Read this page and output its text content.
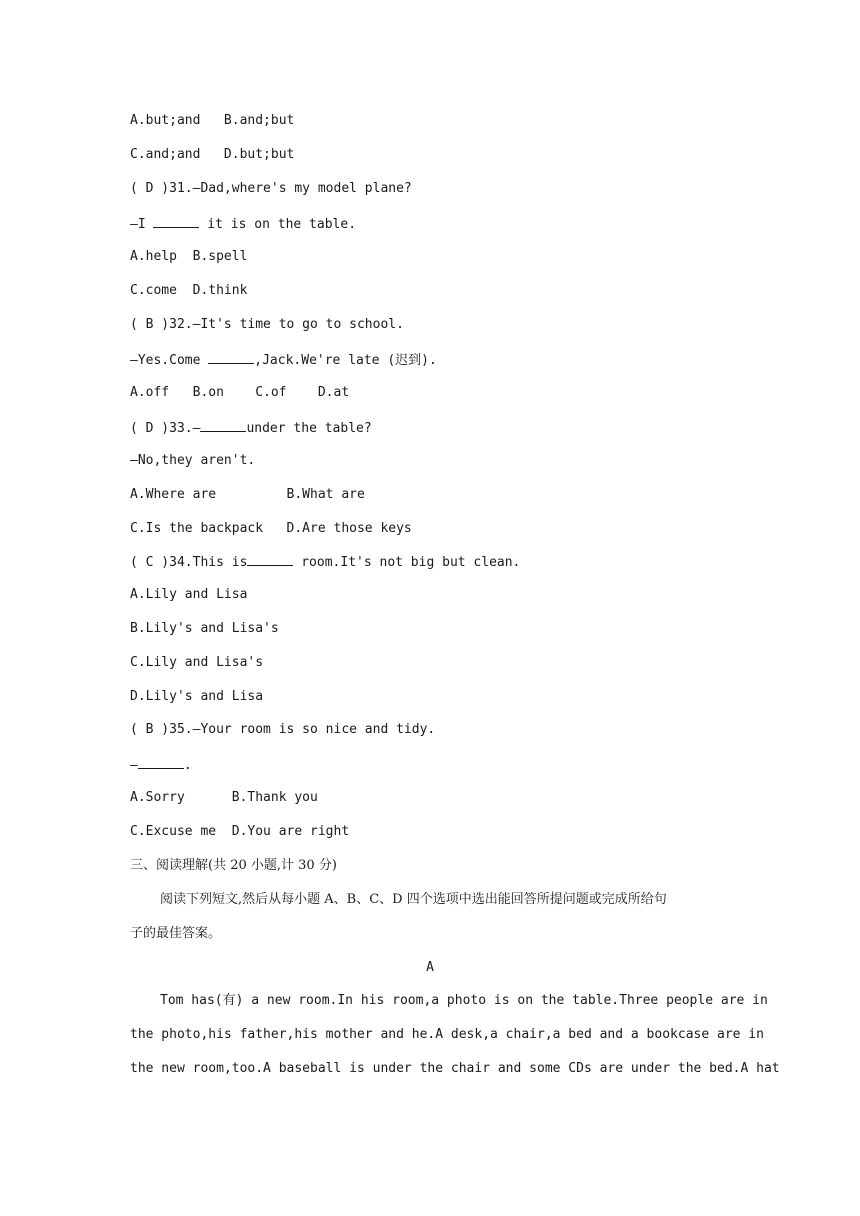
A.but;and   B.and;but
C.and;and   D.but;but
( D )31.—Dad,where's my model plane?
—I	it is on the table.
A.help  B.spell
C.come  D.think
( B )32.—It's time to go to school.
—Yes.Come	,Jack.We're late (迟到).
A.off   B.on    C.of    D.at
( D )33.—	under the table?
—No,they aren't.
A.Where are         B.What are
C.Is the backpack   D.Are those keys
( C )34.This is	room.It's not big but clean.
A.Lily and Lisa
B.Lily's and Lisa's
C.Lily and Lisa's
D.Lily's and Lisa
( B )35.—Your room is so nice and tidy.
—	.
A.Sorry      B.Thank you
C.Excuse me  D.You are right
三、阅读理解(共 20 小题,计 30 分)
阅读下列短文,然后从每小题 A、B、C、D 四个选项中选出能回答所提问题或完成所给句
子的最佳答案。
A
Tom has(有) a new room.In his room,a photo is on the table.Three people are in
the photo,his father,his mother and he.A desk,a chair,a bed and a bookcase are in
the new room,too.A baseball is under the chair and some CDs are under the bed.A hat
